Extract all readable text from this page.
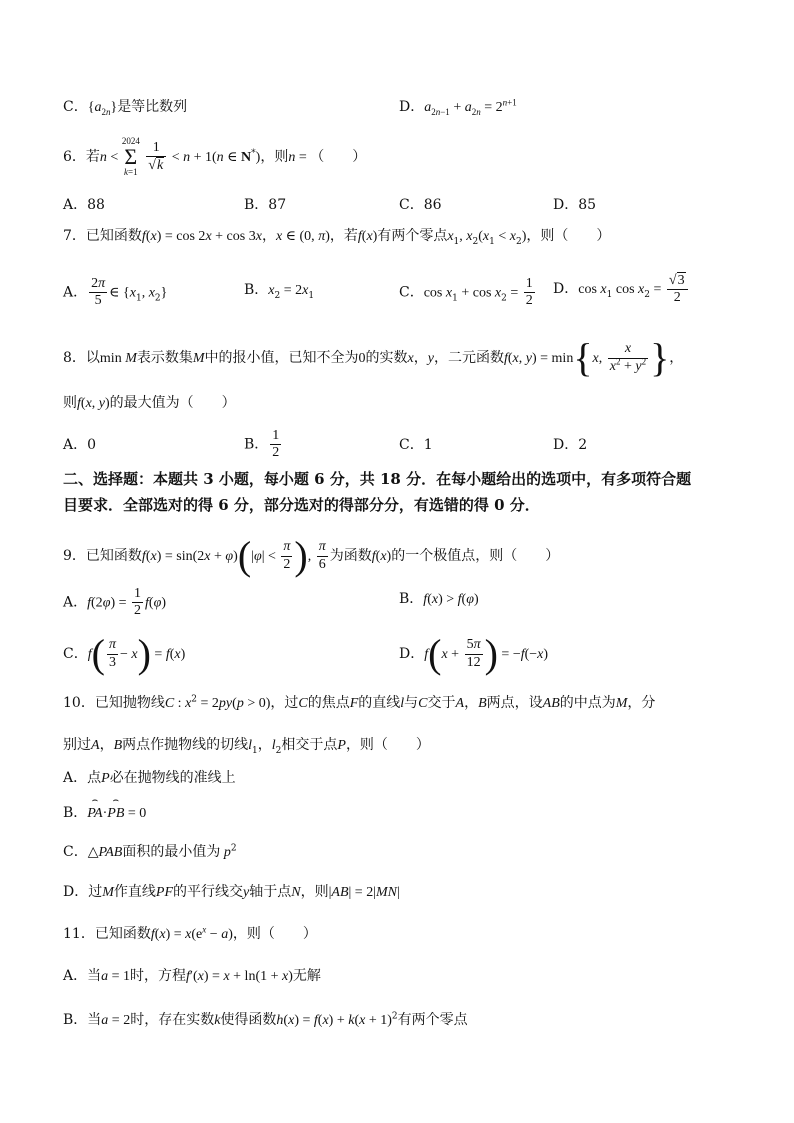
C．$\{a_{2n}\}$是等比数列	D．$a_{2n-1} + a_{2n} = 2^{n+1}$
6．若n <
2024
Σ
k=1
$\frac{1}{√k} < n + 1(n$ ∈ N*)，则n = （　　）
A．88	B．87	C．86	D．85
7．已知函数f(x) = cos 2x + cos 3x，x ∈ (0, π)，若f(x)有两个零点$x_1$, $x_2(x_1 < x_2)$，则（　　）
A． $\frac{2\pi}{5}$ ∈ {$x_1$, $x_2$}	B．$x_2 = 2x_1$	C．$\cos x_1 + \cos x_2 = \frac{1}{2}$ D．$\cos x_1$ $\cos x_2 = \frac{√3}{2}$
8．以min M表示数集M中的报小值，已知不全为0的实数x，y，二元函数f(x, y) = min{x, $\frac{x}{x^2 + y^2}$ }，
则f(x, y)的最大值为（　　）
A．0	B． $\frac{1}{2}$	C．1	D．2
二、选择题：本题共 3 小题，每小题 6 分，共 18 分．在每小题给出的选项中，有多项符合题
目要求．全部选对的得 6 分，部分选对的得部分分，有选错的得 0 分．
9．已知函数$f(x) = \sin(2x + \varphi)(|\varphi| < \frac{\pi}{2}$ ), $\frac{\pi}{6}$ 为函数f(x)的一个极值点，则（　　）
A．$f(2\varphi) = \frac{1}{2} f(\varphi)$	B．f(x) > f(φ)
C．$f( \frac{\pi}{3} - x) = f(x)$	D．$f(x + \frac{5\pi}{12}$ ) = −f(−x)
10．已知抛物线C : $x^2 = 2py(p > 0)$，过C的焦点F的直线l与C交于A，B两点，设AB的中点为M，分
别过A，B两点作抛物线的切线$l_1$，$l_2$相交于点P，则（　　）
A．点P必在抛物线的准线上
B．⌢ PA·⌢ PB = 0
C．△PAB面积的最小值为 $p^2$
D．过M作直线PF的平行线交y轴于点N，则|AB| = 2|MN|
11．已知函数$f(x) = x(e^x - a)$，则（　　）
A．当a = 1时，方程f′(x) = x + ln(1 + x)无解
B．当a = 2时，存在实数k使得函数$h(x) = f(x) + k(x + 1)^2$有两个零点
